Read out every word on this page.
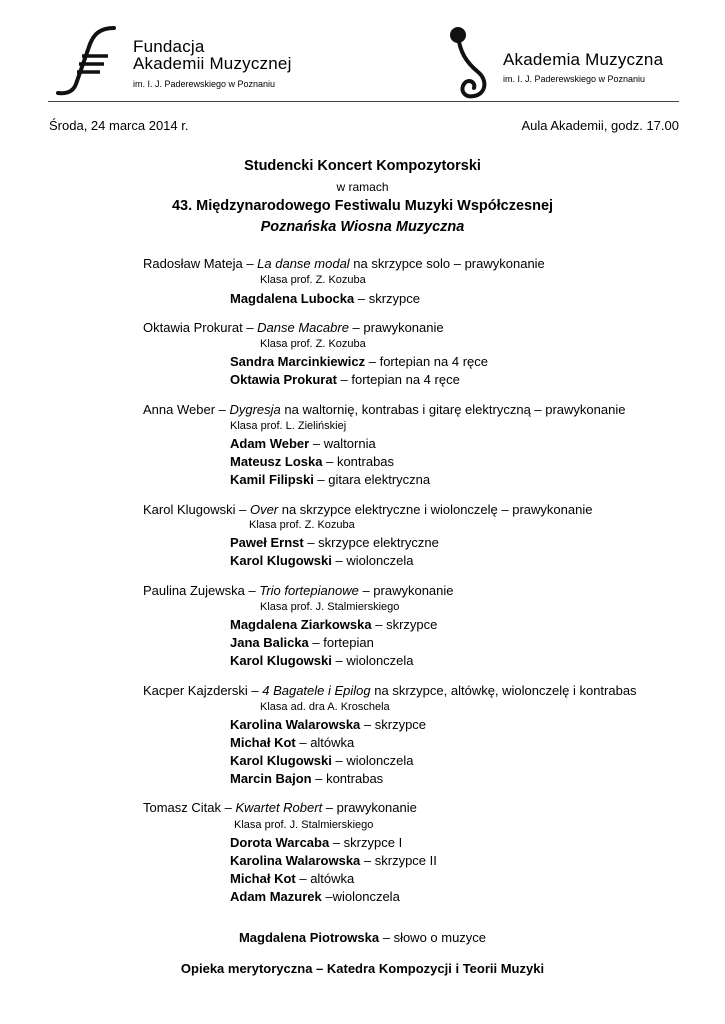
Fundacja
Akademii Muzycznej
im. I. J. Paderewskiego w Poznaniu
Akademia Muzyczna
im. I. J. Paderewskiego w Poznaniu
Środa, 24 marca 2014 r.	Aula Akademii, godz. 17.00
Studencki Koncert Kompozytorski
w ramach
43. Międzynarodowego Festiwalu Muzyki Współczesnej
Poznańska Wiosna Muzyczna
Radosław Mateja – La danse modal na skrzypce solo – prawykonanie
Klasa prof. Z. Kozuba
Magdalena Lubocka – skrzypce
Oktawia Prokurat – Danse Macabre – prawykonanie
Klasa prof. Z. Kozuba
Sandra Marcinkiewicz – fortepian na 4 ręce
Oktawia Prokurat – fortepian na 4 ręce
Anna Weber – Dygresja na waltornię, kontrabas i gitarę elektryczną – prawykonanie
Klasa prof. L. Zielińskiej
Adam Weber – waltornia
Mateusz Loska – kontrabas
Kamil Filipski – gitara elektryczna
Karol Klugowski – Over na skrzypce elektryczne i wiolonczelę – prawykonanie
Klasa prof. Z. Kozuba
Paweł Ernst – skrzypce elektryczne
Karol Klugowski – wiolonczela
Paulina Zujewska – Trio fortepianowe – prawykonanie
Klasa prof. J. Stalmierskiego
Magdalena Ziarkowska – skrzypce
Jana Balicka – fortepian
Karol Klugowski – wiolonczela
Kacper Kajzderski – 4 Bagatele i Epilog na skrzypce, altówkę, wiolonczelę i kontrabas
Klasa ad. dra A. Kroschela
Karolina Walarowska – skrzypce
Michał Kot – altówka
Karol Klugowski – wiolonczela
Marcin Bajon – kontrabas
Tomasz Citak – Kwartet Robert – prawykonanie
Klasa prof. J. Stalmierskiego
Dorota Warcaba – skrzypce I
Karolina Walarowska – skrzypce II
Michał Kot – altówka
Adam Mazurek –wiolonczela
Magdalena Piotrowska – słowo o muzyce
Opieka merytoryczna – Katedra Kompozycji i Teorii Muzyki
